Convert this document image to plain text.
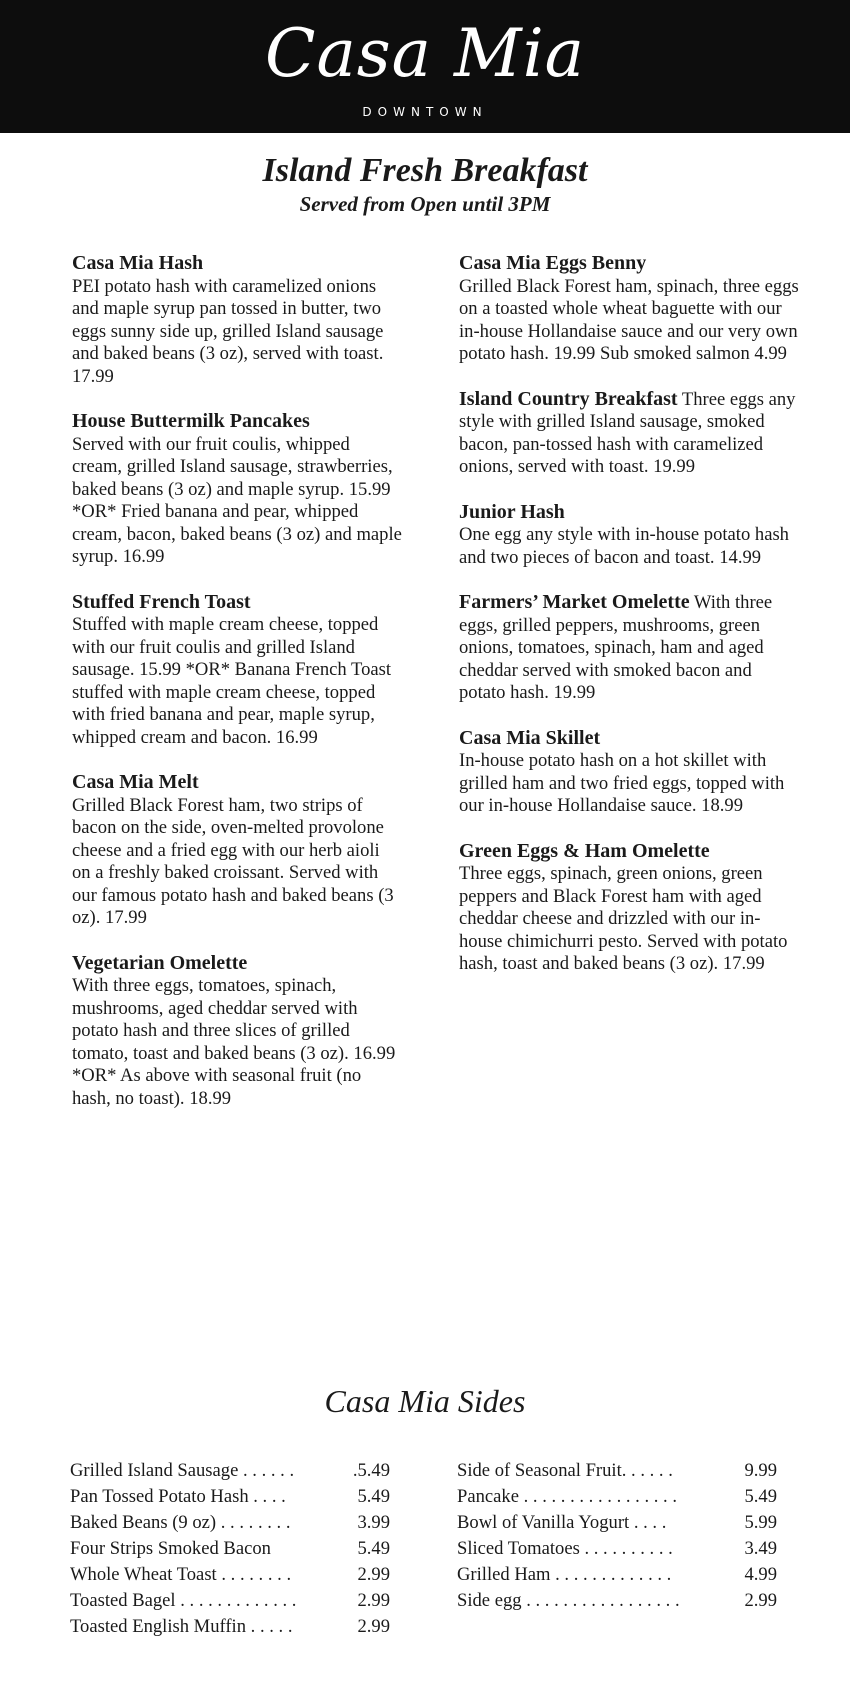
Casa Mia
DOWNTOWN
Island Fresh Breakfast
Served from Open until 3PM
Casa Mia Hash
PEI potato hash with caramelized onions and maple syrup pan tossed in butter, two eggs sunny side up, grilled Island sausage and baked beans (3 oz), served with toast. 17.99
House Buttermilk Pancakes
Served with our fruit coulis, whipped cream, grilled Island sausage, strawberries, baked beans (3 oz) and maple syrup. 15.99 *OR* Fried banana and pear, whipped cream, bacon, baked beans (3 oz) and maple syrup. 16.99
Stuffed French Toast
Stuffed with maple cream cheese, topped with our fruit coulis and grilled Island sausage. 15.99 *OR* Banana French Toast stuffed with maple cream cheese, topped with fried banana and pear, maple syrup, whipped cream and bacon. 16.99
Casa Mia Melt
Grilled Black Forest ham, two strips of bacon on the side, oven-melted provolone cheese and a fried egg with our herb aioli on a freshly baked croissant. Served with our famous potato hash and baked beans (3 oz). 17.99
Vegetarian Omelette
With three eggs, tomatoes, spinach, mushrooms, aged cheddar served with potato hash and three slices of grilled tomato, toast and baked beans (3 oz). 16.99 *OR* As above with seasonal fruit (no hash, no toast). 18.99
Casa Mia Eggs Benny
Grilled Black Forest ham, spinach, three eggs on a toasted whole wheat baguette with our in-house Hollandaise sauce and our very own potato hash. 19.99 Sub smoked salmon 4.99
Island Country Breakfast Three eggs any style with grilled Island sausage, smoked bacon, pan-tossed hash with caramelized onions, served with toast. 19.99
Junior Hash
One egg any style with in-house potato hash and two pieces of bacon and toast. 14.99
Farmers’ Market Omelette With three eggs, grilled peppers, mushrooms, green onions, tomatoes, spinach, ham and aged cheddar served with smoked bacon and potato hash. 19.99
Casa Mia Skillet
In-house potato hash on a hot skillet with grilled ham and two fried eggs, topped with our in-house Hollandaise sauce. 18.99
Green Eggs & Ham Omelette
Three eggs, spinach, green onions, green peppers and Black Forest ham with aged cheddar cheese and drizzled with our in-house chimichurri pesto. Served with potato hash, toast and baked beans (3 oz). 17.99
Casa Mia Sides
Grilled Island Sausage . . . . . .	.5.49
Pan Tossed Potato Hash . . . .	5.49
Baked Beans (9 oz) . . . . . . . .	3.99
Four Strips Smoked Bacon	5.49
Whole Wheat Toast . . . . . . . .	2.99
Toasted Bagel . . . . . . . . . . . . .	2.99
Toasted English Muffin . . . . .	2.99
Side of Seasonal Fruit. . . . . .	9.99
Pancake . . . . . . . . . . . . . . . . .	5.49
Bowl of Vanilla Yogurt . . . .	5.99
Sliced Tomatoes . . . . . . . . . .	3.49
Grilled Ham . . . . . . . . . . . . .	4.99
Side egg . . . . . . . . . . . . . . . . .	2.99
